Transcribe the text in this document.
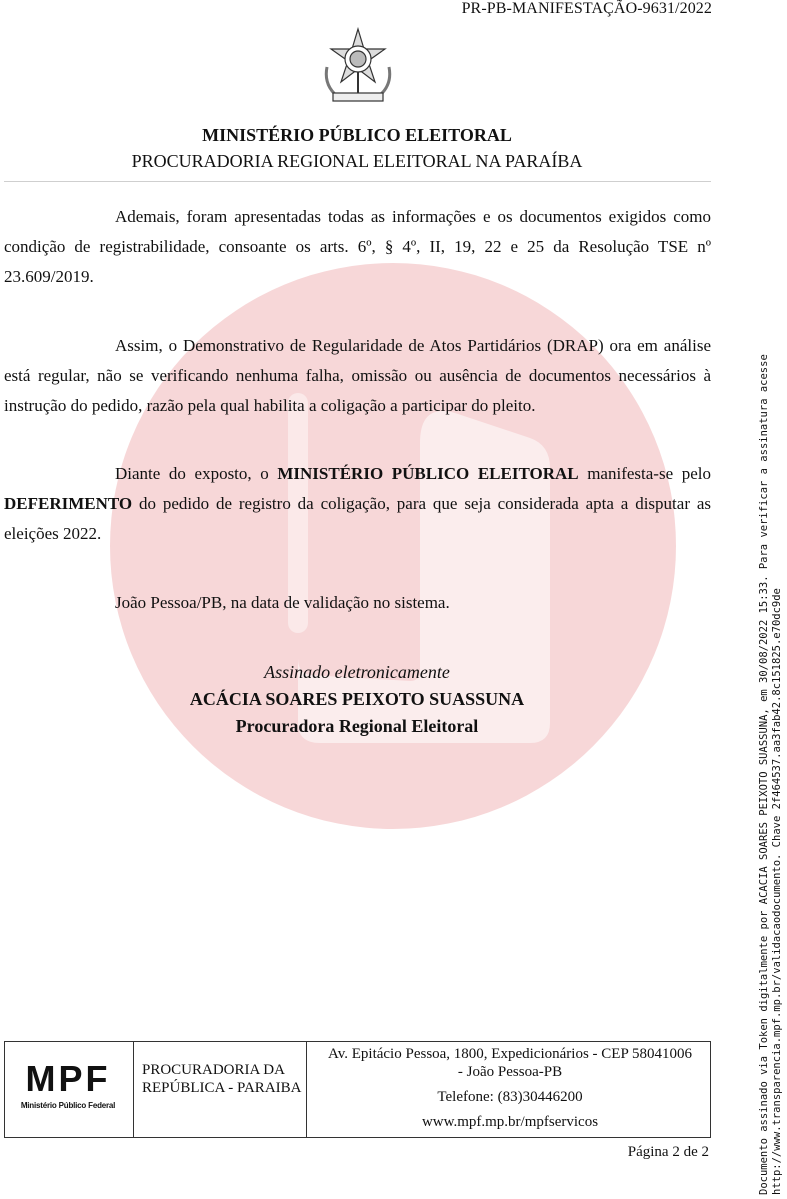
PR-PB-MANIFESTAÇÃO-9631/2022
MINISTÉRIO PÚBLICO ELEITORAL
PROCURADORIA REGIONAL ELEITORAL NA PARAÍBA

Ademais, foram apresentadas todas as informações e os documentos exigidos como condição de registrabilidade, consoante os arts. 6º, § 4º, II, 19, 22 e 25 da Resolução TSE nº 23.609/2019.

Assim, o Demonstrativo de Regularidade de Atos Partidários (DRAP) ora em análise está regular, não se verificando nenhuma falha, omissão ou ausência de documentos necessários à instrução do pedido, razão pela qual habilita a coligação a participar do pleito.

Diante do exposto, o MINISTÉRIO PÚBLICO ELEITORAL manifesta-se pelo DEFERIMENTO do pedido de registro da coligação, para que seja considerada apta a disputar as eleições 2022.

João Pessoa/PB, na data de validação no sistema.

Assinado eletronicamente
ACÁCIA SOARES PEIXOTO SUASSUNA
Procuradora Regional Eleitoral	Documento assinado via Token digitalmente por ACACIA SOARES PEIXOTO SUASSUNA, em 30/08/2022 15:33. Para verificar a assinatura acesse http://www.transparencia.mpf.mp.br/validacaodocumento. Chave 2f464537.aa3fab42.8c151825.e70dc9de
MPF
Ministério Público Federal
PROCURADORIA DA REPÚBLICA - PARAIBA
Av. Epitácio Pessoa, 1800, Expedicionários - CEP 58041006
- João Pessoa-PB
Telefone: (83)30446200
www.mpf.mp.br/mpfservicos
Página 2 de 2
